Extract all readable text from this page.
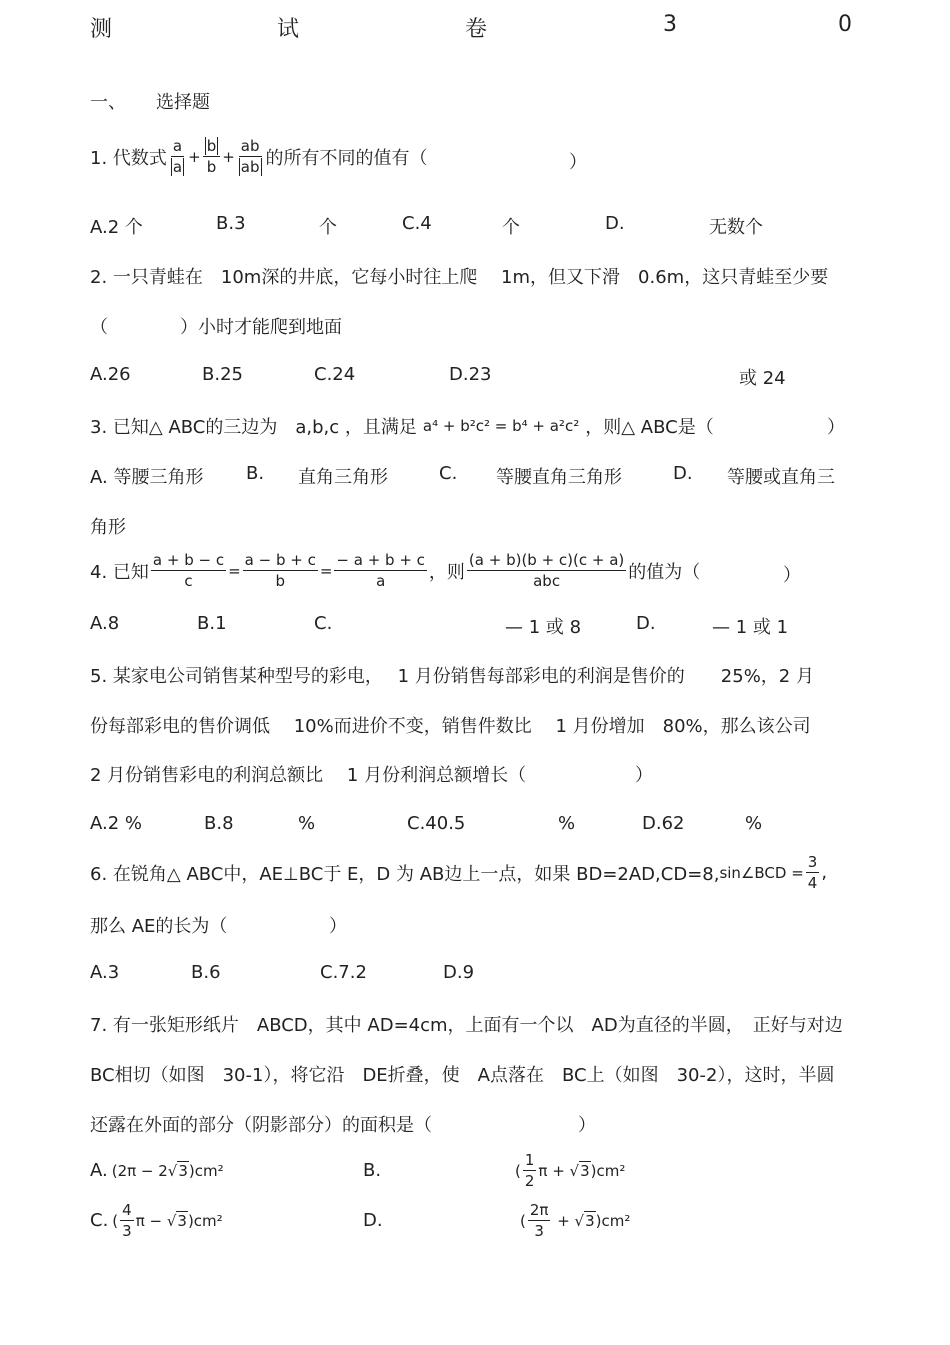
测	试	卷	3	0
一、 选择题
1. 代数式 $\frac{a}{a} + \frac{b}{b} + \frac{ab}{ab}$ 的所有不同的值有（	）
A.2 个	B.3	个	C.4	个	D.	无数个
2. 一只青蛙在　10m深的井底，它每小时往上爬　 1m，但又下滑　0.6m，这只青蛙至少要
（　　　　）小时才能爬到地面
A.26	B.25	C.24	D.23	或 24
3. 已知△ ABC的三边为　a,b,c ，且满足 a⁴ + b²c² = b⁴ + a²c² ，则△ ABC是（	）
A. 等腰三角形 B. 直角三角形	C. 等腰直角三角形	D. 等腰或直角三
角形
4. 已知 $\frac{a + b - c}{c} = \frac{a - b + c}{b} = \frac{- a + b + c}{a}$ ，则 $\frac{(a + b)(b + c)(c + a)}{\text{abc}}$ 的值为（	）
A.8	B.1	C.	— 1 或 8	D.	— 1 或 1
5. 某家电公司销售某种型号的彩电，　 1 月份销售每部彩电的利润是售价的　　25%，2 月
份每部彩电的售价调低　 10%而进价不变，销售件数比　 1 月份增加　80%，那么该公司
2 月份销售彩电的利润总额比　 1 月份利润总额增长（	）
A.2 %	B.8	%	C.40.5	%	D.62	%
6. 在锐角△ ABC中，AE⊥BC于 E，D 为 AB边上一点，如果 BD=2AD,CD=8, sin∠BCD = $\frac{3}{4}$ ,
那么 AE的长为（	）
A.3	B.6	C.7.2	D.9
7. 有一张矩形纸片　ABCD，其中 AD=4cm，上面有一个以　AD为直径的半圆，　正好与对边
BC相切（如图　30-1），将它沿　DE折叠，使　A点落在　BC上（如图　30-2），这时，半圆
还露在外面的部分（阴影部分）的面积是（	）
A. (2π − 2 √ 3 )cm²	B.	( $\frac{1}{2}$ π + √ 3 )cm²
C. ( $\frac{4}{3}$ π − √ 3 )cm²	D.	( $\frac{2\pi}{3}$ + √ 3 )cm²
